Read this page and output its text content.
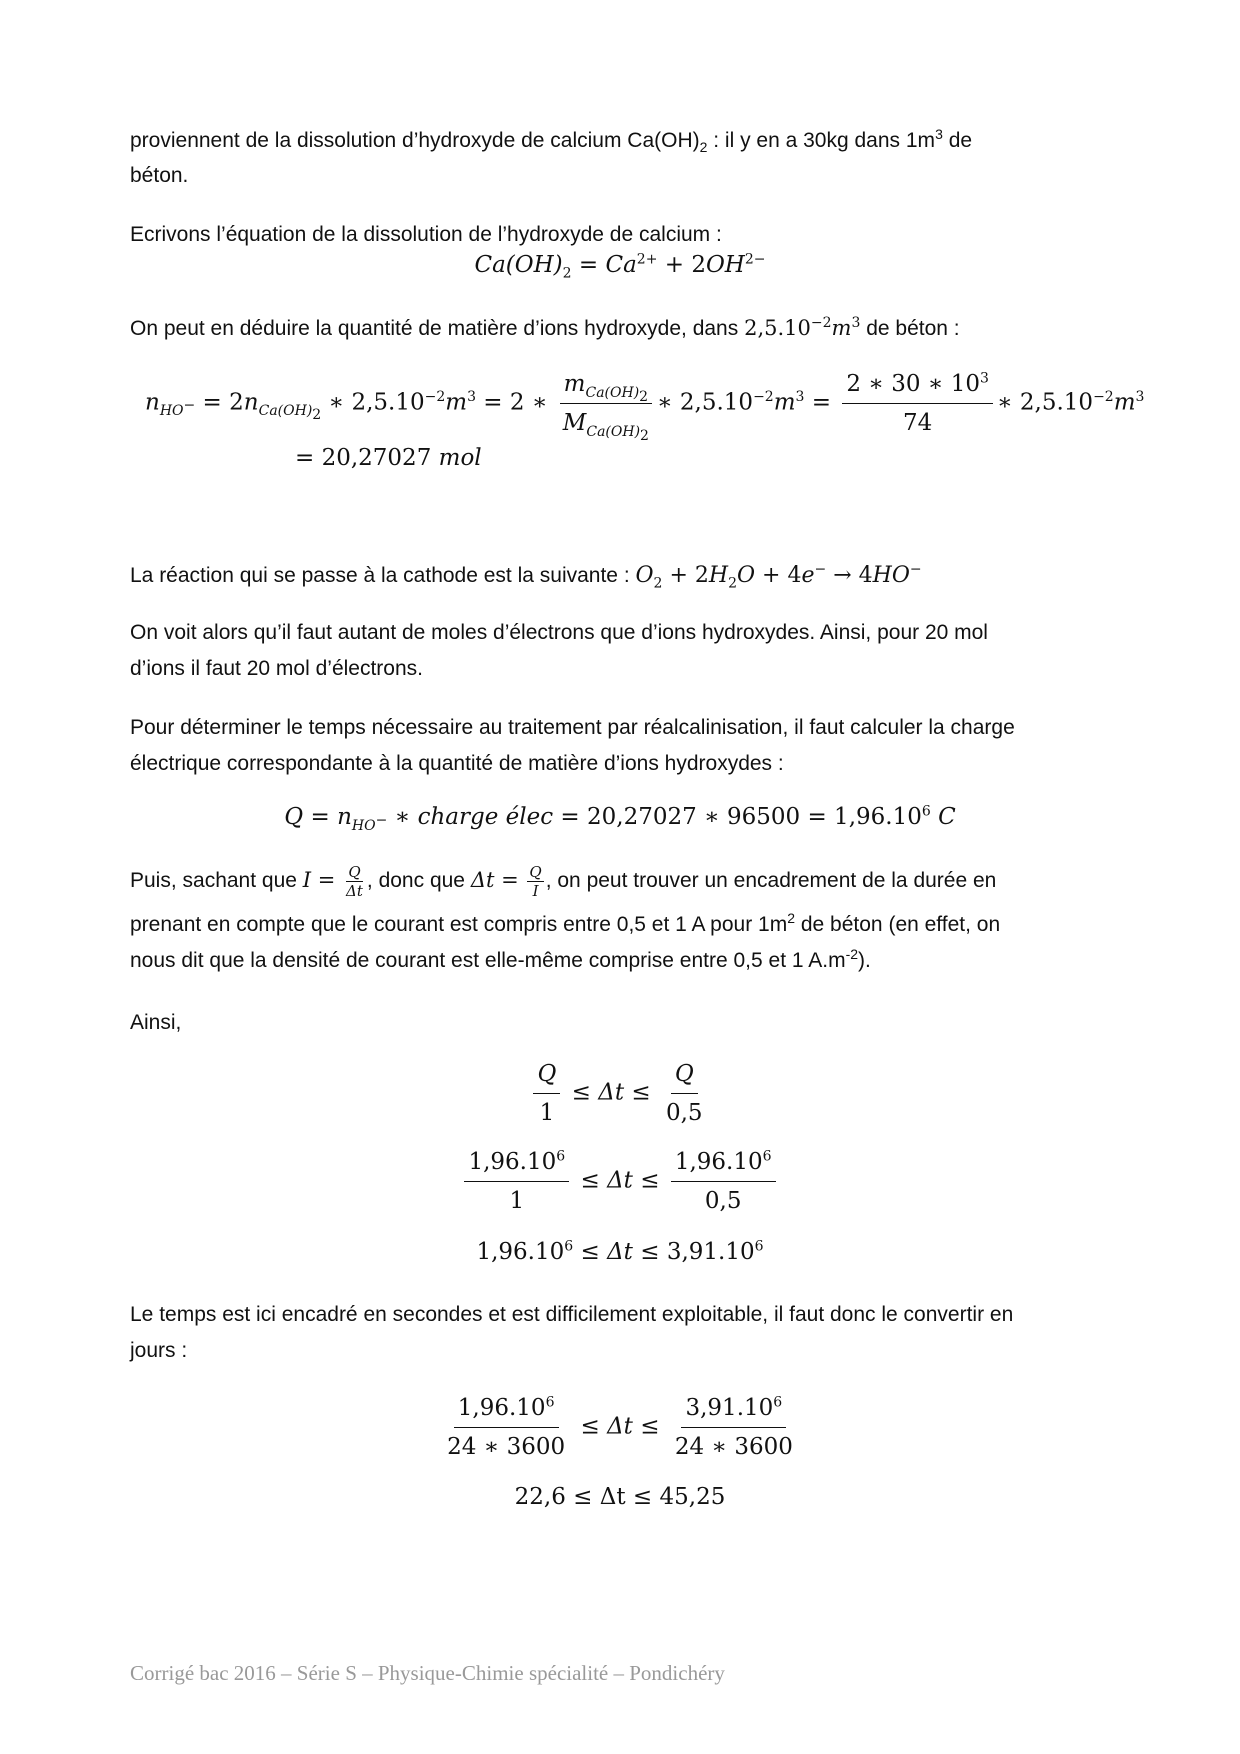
proviennent de la dissolution d’hydroxyde de calcium $Ca(OH)_2$ : il y en a 30kg dans $1m^3$ de
béton.
Ecrivons l’équation de la dissolution de l’hydroxyde de calcium :
$Ca(OH)_2 = Ca^{2+} + 2OH^{2-}$
On peut en déduire la quantité de matière d’ions hydroxyde, dans $2,5.10^{-2}m^3$ de béton :
$n_{HO^-} = 2n_{Ca(OH)_2}$ ∗ $2,5.10^{-2}m^3 = 2$ ∗ $\frac{m_{Ca(OH)_2}}{M_{Ca(OH)_2}}$ ∗ $2,5.10^{-2}m^3 = \frac{2 ∗ 30 ∗ 10^3}{74}$ ∗ $2,5.10^{-2}m^3$
= 20,27027 mol
La réaction qui se passe à la cathode est la suivante : $O_2 + 2H_2O + 4e^- \to 4HO^-$
On voit alors qu’il faut autant de moles d’électrons que d’ions hydroxydes. Ainsi, pour 20 mol
d’ions il faut 20 mol d’électrons.
Pour déterminer le temps nécessaire au traitement par réalcalinisation, il faut calculer la charge
électrique correspondante à la quantité de matière d’ions hydroxydes :
$Q = n_{HO^-}$ ∗ charge élec = 20,27027 ∗ $96500 = 1,96.10^6$ C
Puis, sachant que $I = \frac{Q}{\Delta t}$ , donc que $\Delta t = \frac{Q}{I}$ , on peut trouver un encadrement de la durée en
prenant en compte que le courant est compris entre 0,5 et 1 A pour $1m^2$ de béton (en effet, on
nous dit que la densité de courant est elle-même comprise entre 0,5 et 1 $A.m^{-2}$).
Ainsi,
$\frac{Q}{1} \le \Delta t \le \frac{Q}{0,5}$
$\frac{1,96.10^6}{1} \le \Delta t \le \frac{1,96.10^6}{0,5}$
$1,96.10^6 \le \Delta t \le 3,91.10^6$
Le temps est ici encadré en secondes et est difficilement exploitable, il faut donc le convertir en
jours :
$\frac{1,96.10^6}{24 ∗ 3600} \le \Delta t \le \frac{3,91.10^6}{24 ∗ 3600}$
22,6 ≤ Δt ≤ 45,25
Corrigé bac 2016 – Série S – Physique-Chimie spécialité – Pondichéry
